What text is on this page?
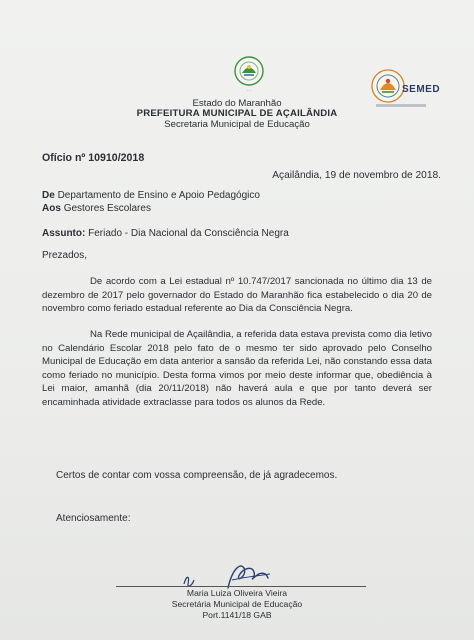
···	SEMED
Estado do Maranhão
PREFEITURA MUNICIPAL DE AÇAILÂNDIA
Secretaria Municipal de Educação
Ofício nº 10910/2018
Açailândia, 19 de novembro de 2018.
De Departamento de Ensino e Apoio Pedagógico
Aos Gestores Escolares
Assunto: Feriado - Dia Nacional da Consciência Negra
Prezados,
De acordo com a Lei estadual nº 10.747/2017 sancionada no último dia 13 de dezembro de 2017 pelo governador do Estado do Maranhão fica estabelecido o dia 20 de novembro como feriado estadual referente ao Dia da Consciência Negra.
Na Rede municipal de Açailândia, a referida data estava prevista como dia letivo no Calendário Escolar 2018 pelo fato de o mesmo ter sido aprovado pelo Conselho Municipal de Educação em data anterior a sansão da referida Lei, não constando essa data como feriado no município. Desta forma vimos por meio deste informar que, obediência à Lei maior, amanhã (dia 20/11/2018) não haverá aula e que por tanto deverá ser encaminhada atividade extraclasse para todos os alunos da Rede.
Certos de contar com vossa compreensão, de já agradecemos.
Atenciosamente:
Maria Luiza Oliveira Vieira
Secretária Municipal de Educação
Port.1141/18 GAB
